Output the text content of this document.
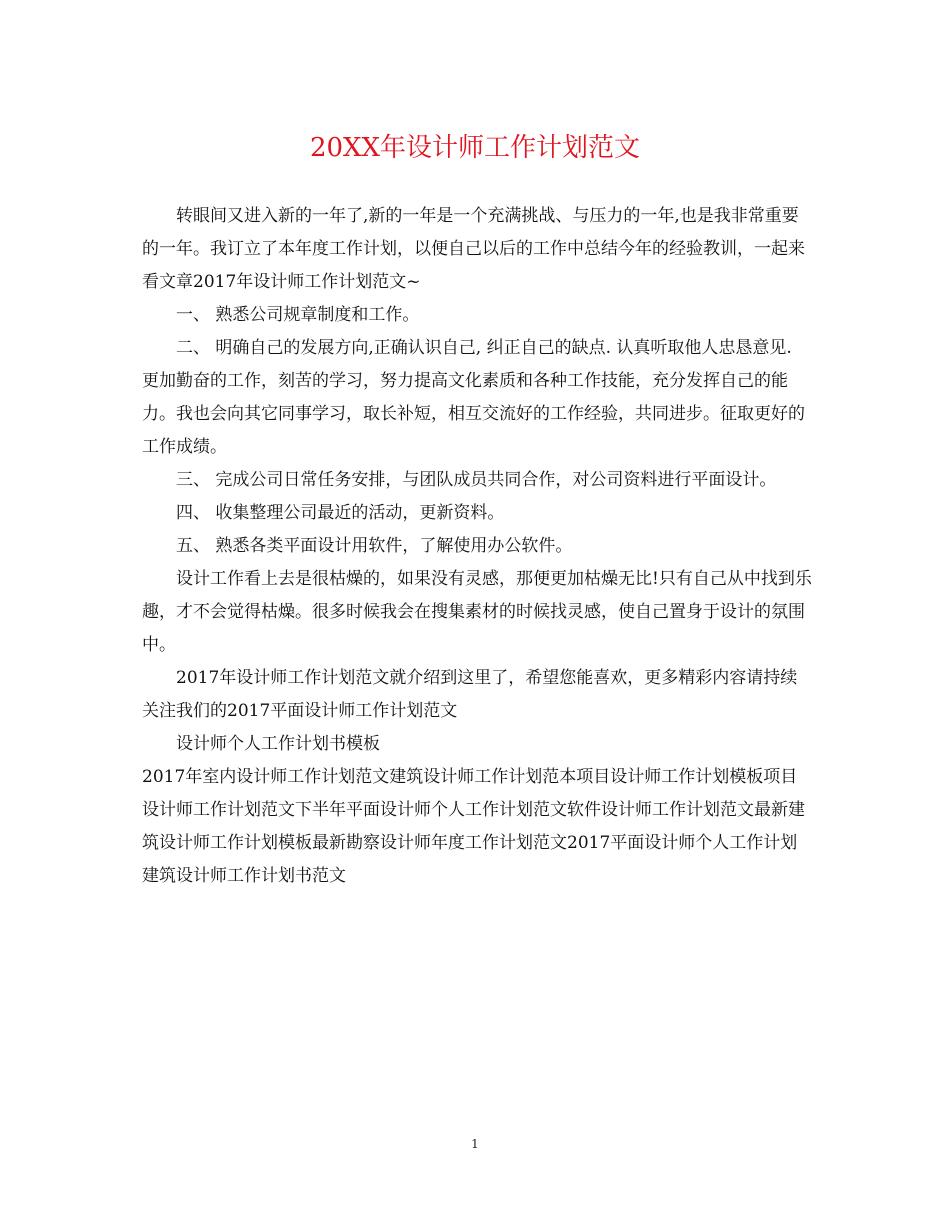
20XX年设计师工作计划范文

转眼间又进入新的一年了,新的一年是一个充满挑战、与压力的一年,也是我非常重要的一年。我订立了本年度工作计划，以便自己以后的工作中总结今年的经验教训，一起来看文章2017年设计师工作计划范文~

一、 熟悉公司规章制度和工作。

二、 明确自己的发展方向,正确认识自己, 纠正自己的缺点. 认真听取他人忠恳意见. 更加勤奋的工作，刻苦的学习，努力提高文化素质和各种工作技能，充分发挥自己的能力。我也会向其它同事学习，取长补短，相互交流好的工作经验，共同进步。征取更好的工作成绩。

三、 完成公司日常任务安排，与团队成员共同合作，对公司资料进行平面设计。

四、 收集整理公司最近的活动，更新资料。

五、 熟悉各类平面设计用软件，了解使用办公软件。

设计工作看上去是很枯燥的，如果没有灵感，那便更加枯燥无比!只有自己从中找到乐趣，才不会觉得枯燥。很多时候我会在搜集素材的时候找灵感，使自己置身于设计的氛围中。

2017年设计师工作计划范文就介绍到这里了，希望您能喜欢，更多精彩内容请持续关注我们的2017平面设计师工作计划范文

设计师个人工作计划书模板

2017年室内设计师工作计划范文建筑设计师工作计划范本项目设计师工作计划模板项目设计师工作计划范文下半年平面设计师个人工作计划范文软件设计师工作计划范文最新建筑设计师工作计划模板最新勘察设计师年度工作计划范文2017平面设计师个人工作计划建筑设计师工作计划书范文

1
